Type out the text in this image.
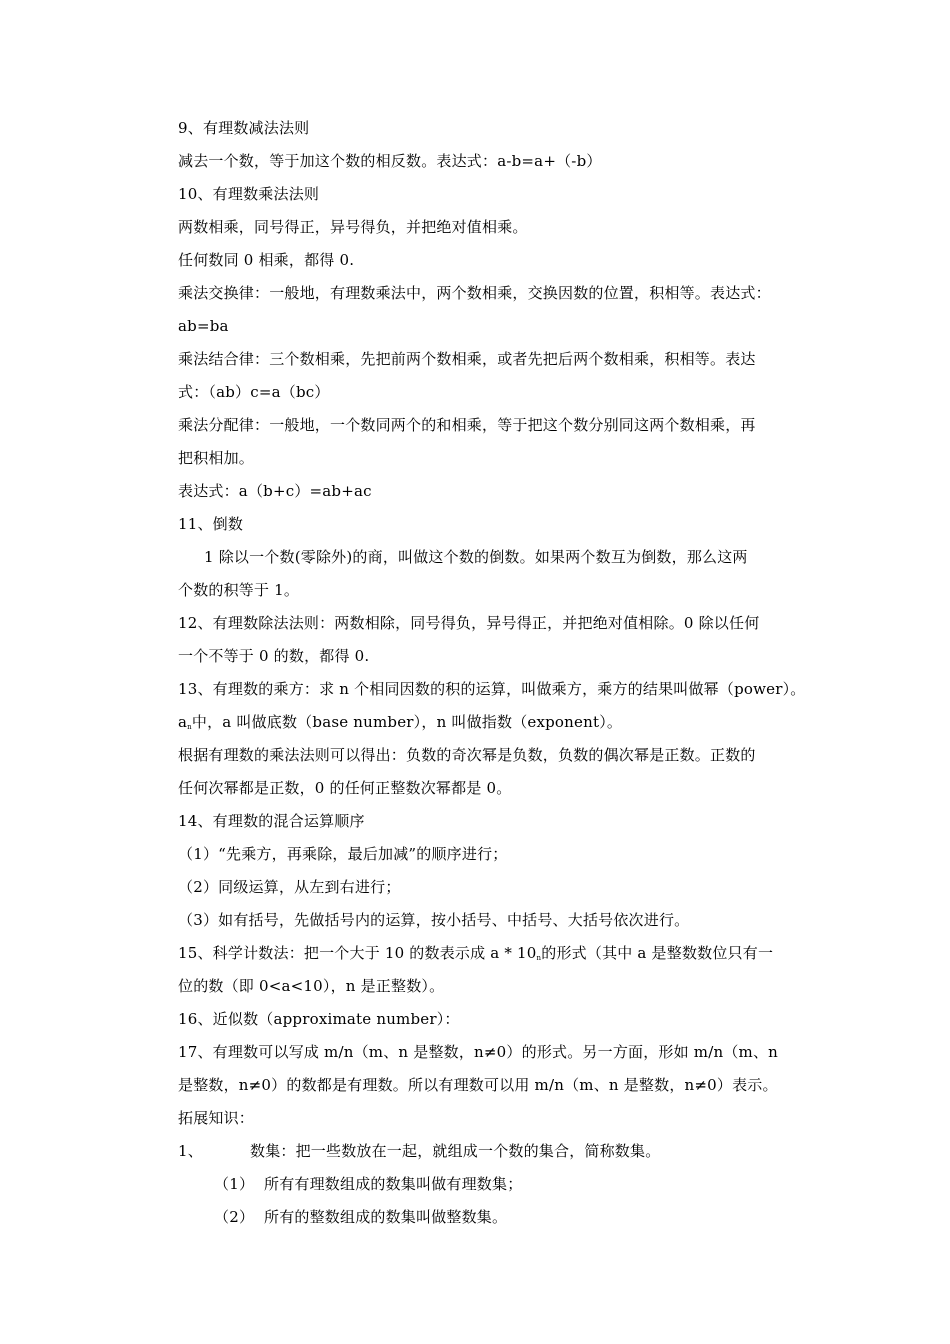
9、有理数减法法则
减去一个数，等于加这个数的相反数。表达式：a-b=a+（-b）
10、有理数乘法法则
两数相乘，同号得正，异号得负，并把绝对值相乘。
任何数同 0 相乘，都得 0.
乘法交换律：一般地，有理数乘法中，两个数相乘，交换因数的位置，积相等。表达式：
ab=ba
乘法结合律：三个数相乘，先把前两个数相乘，或者先把后两个数相乘，积相等。表达
式：（ab）c=a（bc）
乘法分配律：一般地，一个数同两个的和相乘，等于把这个数分别同这两个数相乘，再
把积相加。
表达式：a（b+c）=ab+ac
11、倒数
1 除以一个数(零除外)的商，叫做这个数的倒数。如果两个数互为倒数，那么这两
个数的积等于 1。
12、有理数除法法则：两数相除，同号得负，异号得正，并把绝对值相除。0 除以任何
一个不等于 0 的数，都得 0.
13、有理数的乘方：求 n 个相同因数的积的运算，叫做乘方，乘方的结果叫做幂（power）。
$a^n$中，a 叫做底数（base number），n 叫做指数（exponent）。
根据有理数的乘法法则可以得出：负数的奇次幂是负数，负数的偶次幂是正数。正数的
任何次幂都是正数，0 的任何正整数次幂都是 0。
14、有理数的混合运算顺序
（1）“先乘方，再乘除，最后加减”的顺序进行；
（2）同级运算，从左到右进行；
（3）如有括号，先做括号内的运算，按小括号、中括号、大括号依次进行。
15、科学计数法：把一个大于 10 的数表示成 a * 10$^n$的形式（其中 a 是整数数位只有一
位的数（即 0<a<10），n 是正整数）。
16、近似数（approximate number）：
17、有理数可以写成 m/n（m、n 是整数，n≠0）的形式。另一方面，形如 m/n（m、n
是整数，n≠0）的数都是有理数。所以有理数可以用 m/n（m、n 是整数，n≠0）表示。
拓展知识：
1、	数集：把一些数放在一起，就组成一个数的集合，简称数集。
（1） 所有有理数组成的数集叫做有理数集；
（2） 所有的整数组成的数集叫做整数集。
